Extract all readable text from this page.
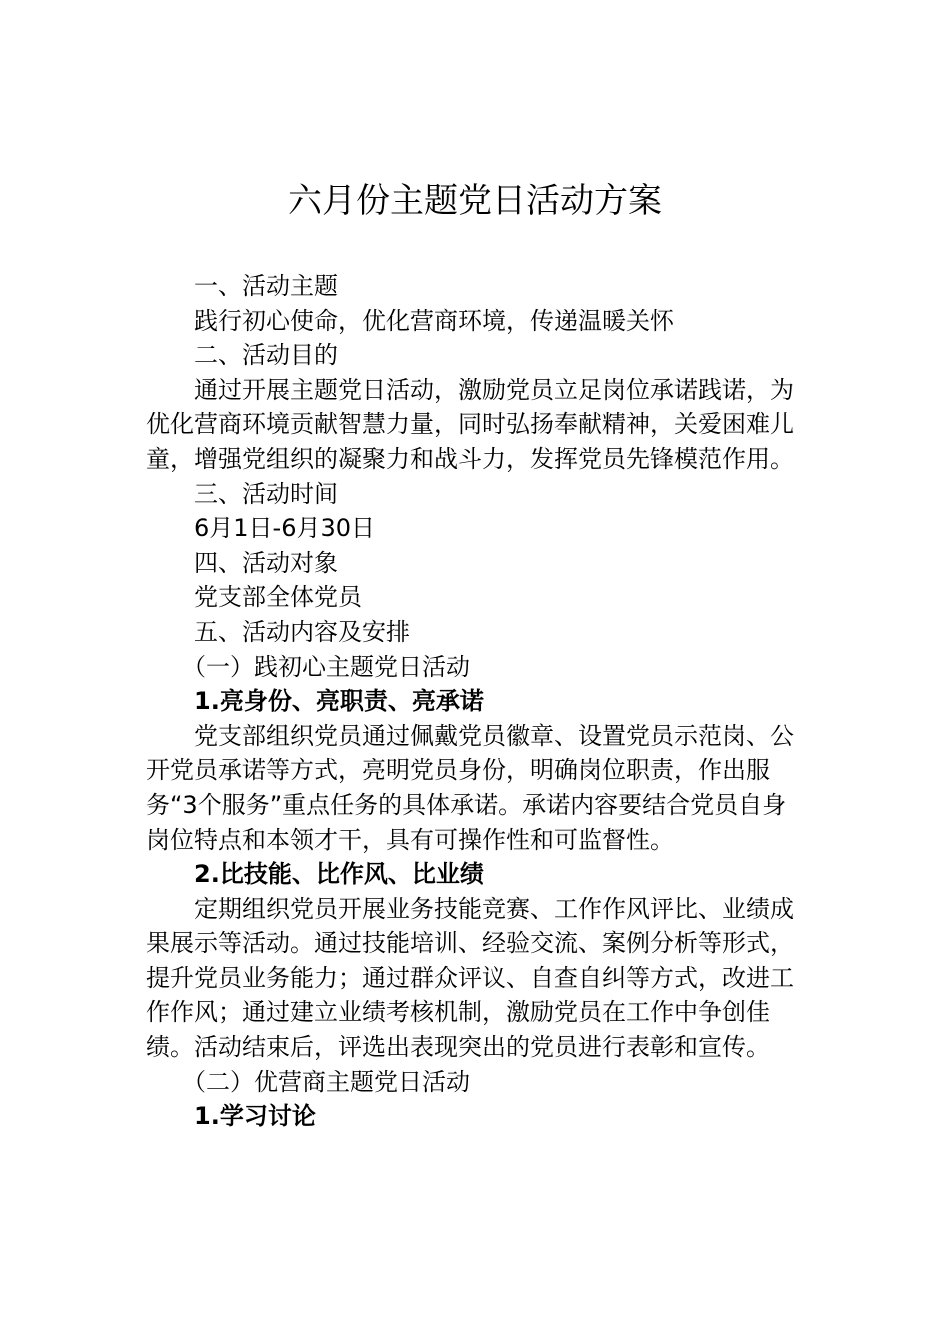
六月份主题党日活动方案

一、活动主题

践行初心使命，优化营商环境，传递温暖关怀

二、活动目的

通过开展主题党日活动，激励党员立足岗位承诺践诺，为优化营商环境贡献智慧力量，同时弘扬奉献精神，关爱困难儿童，增强党组织的凝聚力和战斗力，发挥党员先锋模范作用。

三、活动时间

6月1日-6月30日

四、活动对象

党支部全体党员

五、活动内容及安排

（一）践初心主题党日活动

1.亮身份、亮职责、亮承诺

党支部组织党员通过佩戴党员徽章、设置党员示范岗、公开党员承诺等方式，亮明党员身份，明确岗位职责，作出服务“3个服务”重点任务的具体承诺。承诺内容要结合党员自身岗位特点和本领才干，具有可操作性和可监督性。

2.比技能、比作风、比业绩

定期组织党员开展业务技能竞赛、工作作风评比、业绩成果展示等活动。通过技能培训、经验交流、案例分析等形式，提升党员业务能力；通过群众评议、自查自纠等方式，改进工作作风；通过建立业绩考核机制，激励党员在工作中争创佳绩。活动结束后，评选出表现突出的党员进行表彰和宣传。

（二）优营商主题党日活动

1.学习讨论
